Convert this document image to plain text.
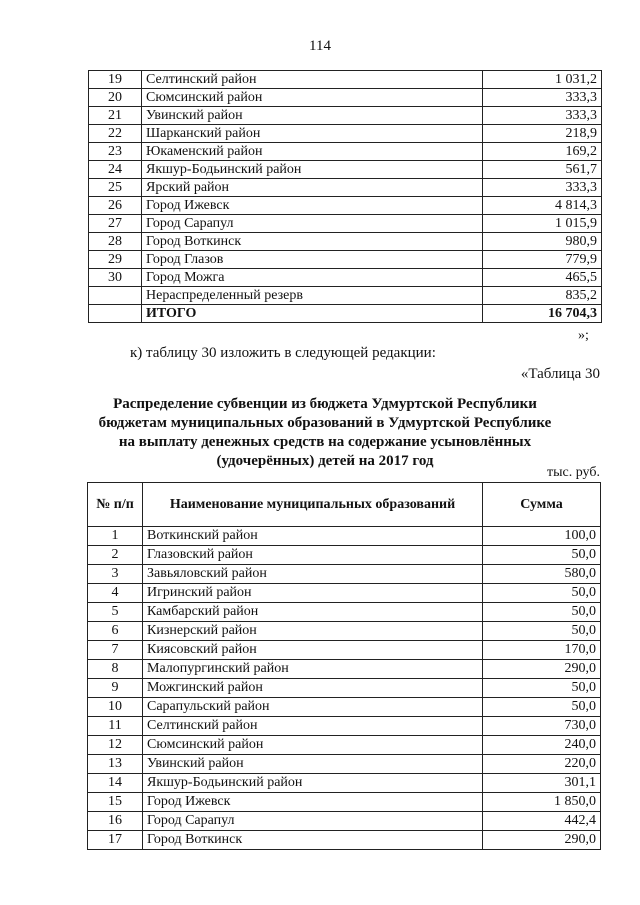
114
19	Селтинский район	1 031,2
20	Сюмсинский район	333,3
21	Увинский район	333,3
22	Шарканский район	218,9
23	Юкаменский район	169,2
24	Якшур-Бодьинский район	561,7
25	Ярский район	333,3
26	Город Ижевск	4 814,3
27	Город Сарапул	1 015,9
28	Город Воткинск	980,9
29	Город Глазов	779,9
30	Город Можга	465,5
	Нераспределенный резерв	835,2
	ИТОГО	16 704,3
»;
к) таблицу 30 изложить в следующей редакции:
«Таблица 30
Распределение субвенции из бюджета Удмуртской Республики
бюджетам муниципальных образований в Удмуртской Республике
на выплату денежных средств на содержание усыновлённых
(удочерённых) детей на 2017 год
тыс. руб.
№ п/п	Наименование муниципальных образований	Сумма
1	Воткинский район	100,0
2	Глазовский район	50,0
3	Завьяловский район	580,0
4	Игринский район	50,0
5	Камбарский район	50,0
6	Кизнерский район	50,0
7	Киясовский район	170,0
8	Малопургинский район	290,0
9	Можгинский район	50,0
10	Сарапульский район	50,0
11	Селтинский район	730,0
12	Сюмсинский район	240,0
13	Увинский район	220,0
14	Якшур-Бодьинский район	301,1
15	Город Ижевск	1 850,0
16	Город Сарапул	442,4
17	Город Воткинск	290,0
